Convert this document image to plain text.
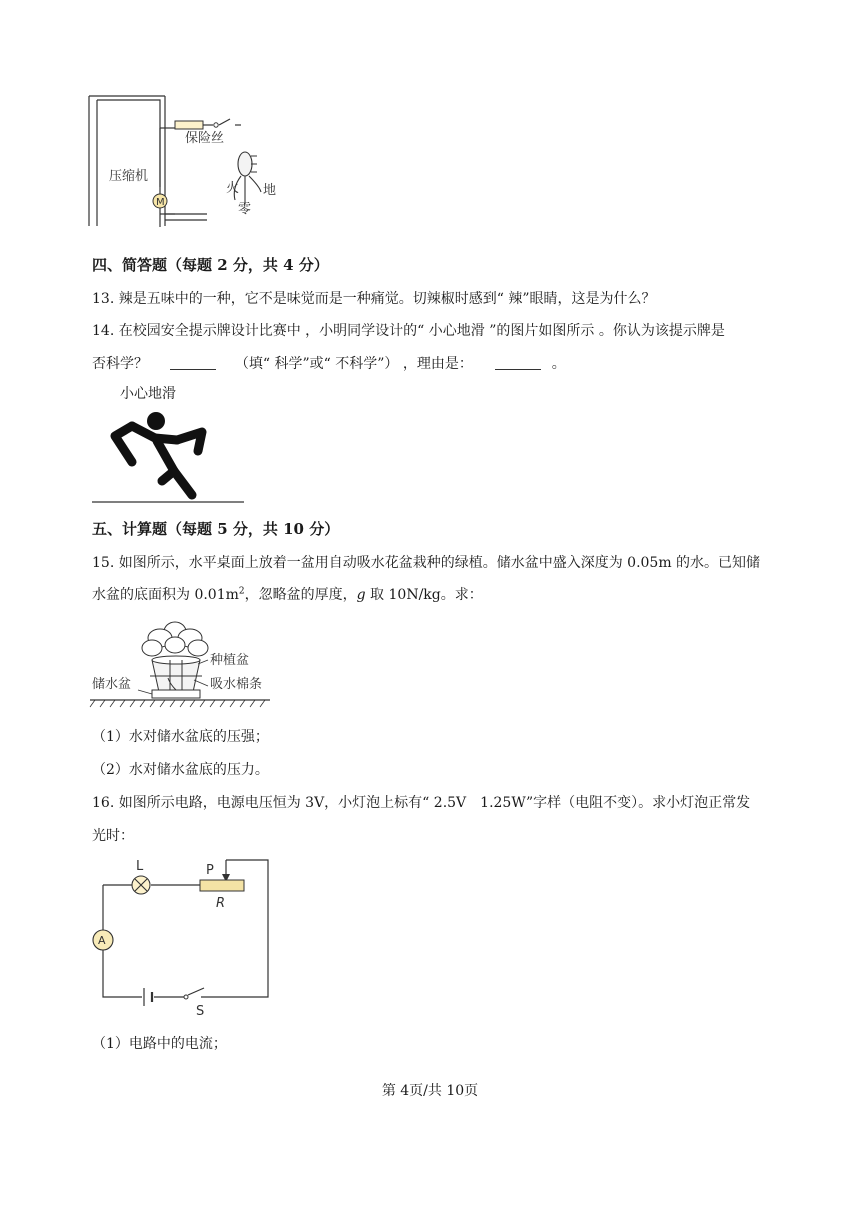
M
压缩机
保险丝
火 地
零
四、简答题（每题 2 分，共 4 分）
13. 辣是五味中的一种，它不是味觉而是一种痛觉。切辣椒时感到“ 辣”眼睛，这是为什么？
14. 在校园安全提示牌设计比赛中 ，小明同学设计的“ 小心地滑 ”的图片如图所示 。你认为该提示牌是
否科学？	（填“ 科学”或“ 不科学”） ，理由是：	。
小心地滑
五、计算题（每题 5 分，共 10 分）
15. 如图所示，水平桌面上放着一盆用自动吸水花盆栽种的绿植。储水盆中盛入深度为 0.05m 的水。已知储
水盆的底面积为 $0.01m^2$，忽略盆的厚度，g 取 10N/kg。求：
种植盆
吸水棉条
储水盆
（1）水对储水盆底的压强；
（2）水对储水盆底的压力。
16. 如图所示电路，电源电压恒为 3V，小灯泡上标有“ 2.5V　1.25W”字样（电阻不变）。求小灯泡正常发
光时：
A
L	P
R
S
（1）电路中的电流；
第 4页/共 10页
